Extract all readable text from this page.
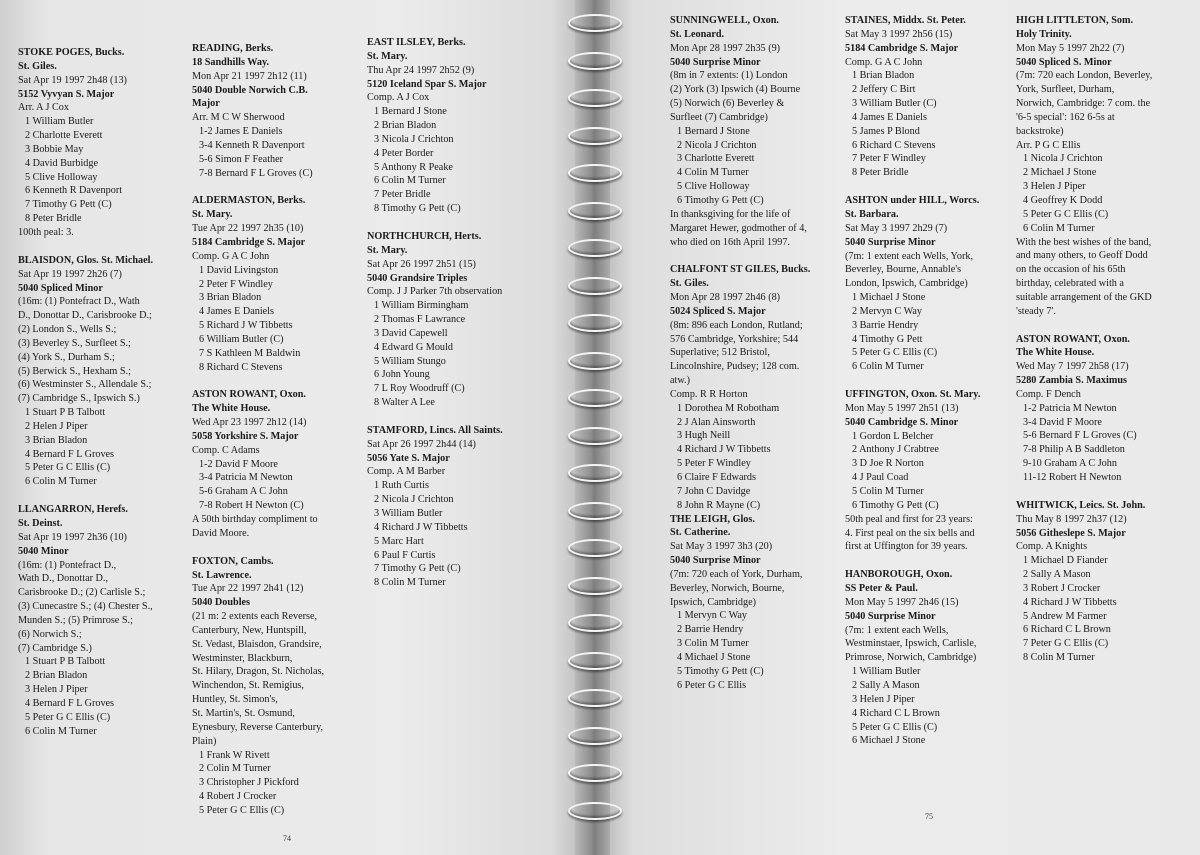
STOKE POGES, Bucks.
St. Giles.
Sat Apr 19 1997 2h48 (13)
5152 Vyvyan S. Major
Arr. A J Cox
1 William Butler
2 Charlotte Everett
3 Bobbie May
4 David Burbidge
5 Clive Holloway
6 Kenneth R Davenport
7 Timothy G Pett (C)
8 Peter Bridle
100th peal: 3.
BLAISDON, Glos. St. Michael.
Sat Apr 19 1997 2h26 (7)
5040 Spliced Minor
(16m: (1) Pontefract D., Wath
D., Donottar D., Carisbrooke D.;
(2) London S., Wells S.;
(3) Beverley S., Surfleet S.;
(4) York S., Durham S.;
(5) Berwick S., Hexham S.;
(6) Westminster S., Allendale S.;
(7) Cambridge S., Ipswich S.)
1 Stuart P B Talbott
2 Helen J Piper
3 Brian Bladon
4 Bernard F L Groves
5 Peter G C Ellis (C)
6 Colin M Turner
LLANGARRON, Herefs.
St. Deinst.
Sat Apr 19 1997 2h36 (10)
5040 Minor
(16m: (1) Pontefract D.,
Wath D., Donottar D.,
Carisbrooke D.; (2) Carlisle S.;
(3) Cunecastre S.; (4) Chester S.,
Munden S.; (5) Primrose S.;
(6) Norwich S.;
(7) Cambridge S.)
1 Stuart P B Talbott
2 Brian Bladon
3 Helen J Piper
4 Bernard F L Groves
5 Peter G C Ellis (C)
6 Colin M Turner
READING, Berks.
18 Sandhills Way.
Mon Apr 21 1997 2h12 (11)
5040 Double Norwich C.B.
Major
Arr. M C W Sherwood
1-2 James E Daniels
3-4 Kenneth R Davenport
5-6 Simon F Feather
7-8 Bernard F L Groves (C)
ALDERMASTON, Berks.
St. Mary.
Tue Apr 22 1997 2h35 (10)
5184 Cambridge S. Major
Comp. G A C John
1 David Livingston
2 Peter F Windley
3 Brian Bladon
4 James E Daniels
5 Richard J W Tibbetts
6 William Butler (C)
7 S Kathleen M Baldwin
8 Richard C Stevens
ASTON ROWANT, Oxon.
The White House.
Wed Apr 23 1997 2h12 (14)
5058 Yorkshire S. Major
Comp. C Adams
1-2 David F Moore
3-4 Patricia M Newton
5-6 Graham A C John
7-8 Robert H Newton (C)
A 50th birthday compliment to
David Moore.
FOXTON, Cambs.
St. Lawrence.
Tue Apr 22 1997 2h41 (12)
5040 Doubles
(21 m: 2 extents each Reverse,
Canterbury, New, Huntspill,
St. Vedast, Blaisdon, Grandsire,
Westminster, Blackburn,
St. Hilary, Dragon, St. Nicholas,
Winchendon, St. Remigius,
Huntley, St. Simon's,
St. Martin's, St. Osmund,
Eynesbury, Reverse Canterbury,
Plain)
1 Frank W Rivett
2 Colin M Turner
3 Christopher J Pickford
4 Robert J Crocker
5 Peter G C Ellis (C)
EAST ILSLEY, Berks.
St. Mary.
Thu Apr 24 1997 2h52 (9)
5120 Iceland Spar S. Major
Comp. A J Cox
1 Bernard J Stone
2 Brian Bladon
3 Nicola J Crichton
4 Peter Border
5 Anthony R Peake
6 Colin M Turner
7 Peter Bridle
8 Timothy G Pett (C)
NORTHCHURCH, Herts.
St. Mary.
Sat Apr 26 1997 2h51 (15)
5040 Grandsire Triples
Comp. J J Parker 7th observation
1 William Birmingham
2 Thomas F Lawrance
3 David Capewell
4 Edward G Mould
5 William Stungo
6 John Young
7 L Roy Woodruff (C)
8 Walter A Lee
STAMFORD, Lincs. All Saints.
Sat Apr 26 1997 2h44 (14)
5056 Yate S. Major
Comp. A M Barber
1 Ruth Curtis
2 Nicola J Crichton
3 William Butler
4 Richard J W Tibbetts
5 Marc Hart
6 Paul F Curtis
7 Timothy G Pett (C)
8 Colin M Turner
74
SUNNINGWELL, Oxon.
St. Leonard.
Mon Apr 28 1997 2h35 (9)
5040 Surprise Minor
(8m in 7 extents: (1) London
(2) York (3) Ipswich (4) Bourne
(5) Norwich (6) Beverley &
Surfleet (7) Cambridge)
1 Bernard J Stone
2 Nicola J Crichton
3 Charlotte Everett
4 Colin M Turner
5 Clive Holloway
6 Timothy G Pett (C)
In thanksgiving for the life of
Margaret Hewer, godmother of 4,
who died on 16th April 1997.
CHALFONT ST GILES, Bucks.
St. Giles.
Mon Apr 28 1997 2h46 (8)
5024 Spliced S. Major
(8m: 896 each London, Rutland;
576 Cambridge, Yorkshire; 544
Superlative; 512 Bristol,
Lincolnshire, Pudsey; 128 com.
atw.)
Comp. R R Horton
1 Dorothea M Robotham
2 J Alan Ainsworth
3 Hugh Neill
4 Richard J W Tibbetts
5 Peter F Windley
6 Claire F Edwards
7 John C Davidge
8 John R Mayne (C)
THE LEIGH, Glos.
St. Catherine.
Sat May 3 1997 3h3 (20)
5040 Surprise Minor
(7m: 720 each of York, Durham,
Beverley, Norwich, Bourne,
Ipswich, Cambridge)
1 Mervyn C Way
2 Barrie Hendry
3 Colin M Turner
4 Michael J Stone
5 Timothy G Pett (C)
6 Peter G C Ellis
STAINES, Middx. St. Peter.
Sat May 3 1997 2h56 (15)
5184 Cambridge S. Major
Comp. G A C John
1 Brian Bladon
2 Jeffery C Birt
3 William Butler (C)
4 James E Daniels
5 James P Blond
6 Richard C Stevens
7 Peter F Windley
8 Peter Bridle
ASHTON under HILL, Worcs.
St. Barbara.
Sat May 3 1997 2h29 (7)
5040 Surprise Minor
(7m: 1 extent each Wells, York,
Beverley, Bourne, Annable's
London, Ipswich, Cambridge)
1 Michael J Stone
2 Mervyn C Way
3 Barrie Hendry
4 Timothy G Pett
5 Peter G C Ellis (C)
6 Colin M Turner
UFFINGTON, Oxon. St. Mary.
Mon May 5 1997 2h51 (13)
5040 Cambridge S. Minor
1 Gordon L Belcher
2 Anthony J Crabtree
3 D Joe R Norton
4 J Paul Coad
5 Colin M Turner
6 Timothy G Pett (C)
50th peal and first for 23 years:
4. First peal on the six bells and
first at Uffington for 39 years.
HANBOROUGH, Oxon.
SS Peter & Paul.
Mon May 5 1997 2h46 (15)
5040 Surprise Minor
(7m: 1 extent each Wells,
Westminstaer, Ipswich, Carlisle,
Primrose, Norwich, Cambridge)
1 William Butler
2 Sally A Mason
3 Helen J Piper
4 Richard C L Brown
5 Peter G C Ellis (C)
6 Michael J Stone
HIGH LITTLETON, Som.
Holy Trinity.
Mon May 5 1997 2h22 (7)
5040 Spliced S. Minor
(7m: 720 each London, Beverley,
York, Surfleet, Durham,
Norwich, Cambridge: 7 com. the
'6-5 special': 162 6-5s at
backstroke)
Arr. P G C Ellis
1 Nicola J Crichton
2 Michael J Stone
3 Helen J Piper
4 Geoffrey K Dodd
5 Peter G C Ellis (C)
6 Colin M Turner
With the best wishes of the band,
and many others, to Geoff Dodd
on the occasion of his 65th
birthday, celebrated with a
suitable arrangement of the GKD
'steady 7'.
ASTON ROWANT, Oxon.
The White House.
Wed May 7 1997 2h58 (17)
5280 Zambia S. Maximus
Comp. F Dench
1-2 Patricia M Newton
3-4 David F Moore
5-6 Bernard F L Groves (C)
7-8 Philip A B Saddleton
9-10 Graham A C John
11-12 Robert H Newton
WHITWICK, Leics. St. John.
Thu May 8 1997 2h37 (12)
5056 Githeslepe S. Major
Comp. A Knights
1 Michael D Fiander
2 Sally A Mason
3 Robert J Crocker
4 Richard J W Tibbetts
5 Andrew M Farmer
6 Richard C L Brown
7 Peter G C Ellis (C)
8 Colin M Turner
75
